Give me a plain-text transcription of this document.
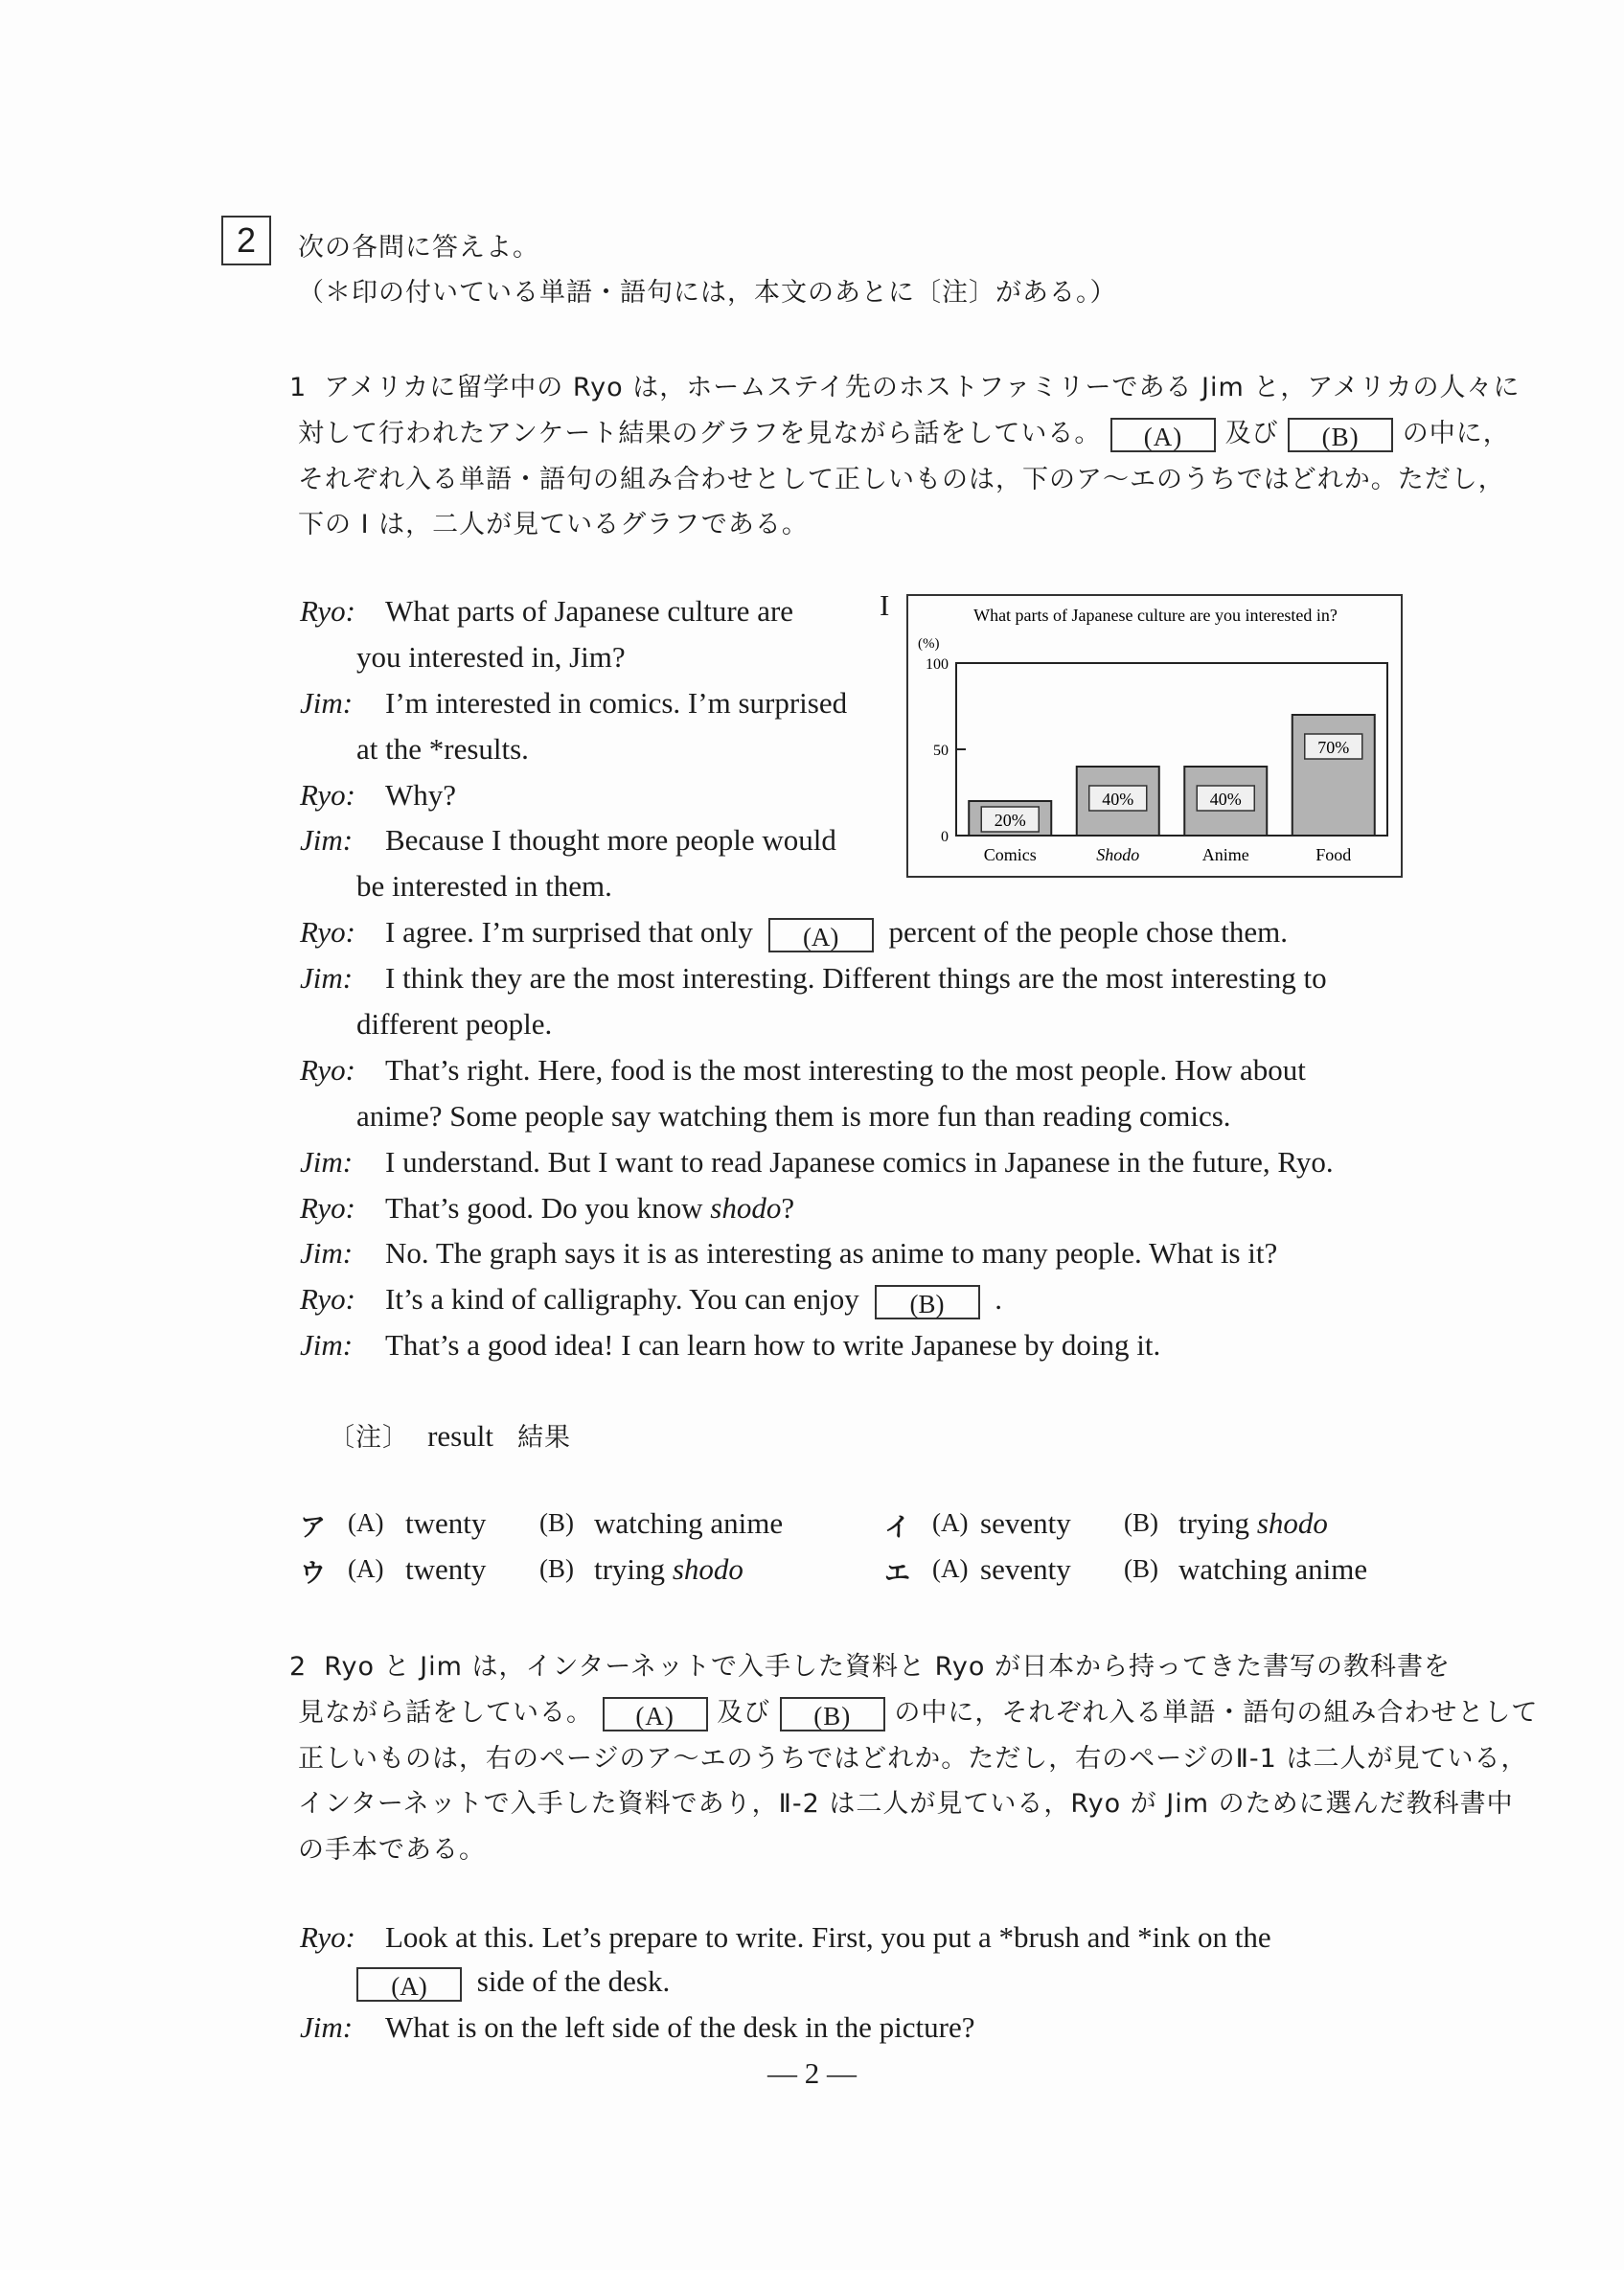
2	次の各問に答えよ。
（＊印の付いている単語・語句には，本文のあとに〔注〕がある。）
1 アメリカに留学中の Ryo は，ホームステイ先のホストファミリーである Jim と，アメリカの人々に
対して行われたアンケート結果のグラフを見ながら話をしている。 (A) 及び (B) の中に，
それぞれ入る単語・語句の組み合わせとして正しいものは，下のア～エのうちではどれか。ただし，
下の I は，二人が見ているグラフである。
I	What parts of Japanese culture are you interested in?
(%)
0
50
100
20%
Comics
40%
Shodo
40%
Anime
70%
Food
Ryo: What parts of Japanese culture are
you interested in, Jim?
Jim: I’m interested in comics. I’m surprised
at the *results.
Ryo: Why?
Jim: Because I thought more people would
be interested in them.
Ryo: I agree. I’m surprised that only (A) percent of the people chose them.
Jim: I think they are the most interesting. Different things are the most interesting to
different people.
Ryo: That’s right. Here, food is the most interesting to the most people. How about
anime? Some people say watching them is more fun than reading comics.
Jim: I understand. But I want to read Japanese comics in Japanese in the future, Ryo.
Ryo: That’s good. Do you know shodo?
Jim: No. The graph says it is as interesting as anime to many people. What is it?
Ryo: It’s a kind of calligraphy. You can enjoy (B) .
Jim: That’s a good idea! I can learn how to write Japanese by doing it.
〔注〕 result 結果
ア (A) twenty (B) watching anime	イ (A) seventy (B) trying shodo
ウ (A) twenty (B) trying shodo	エ (A) seventy (B) watching anime
2 Ryo と Jim は，インターネットで入手した資料と Ryo が日本から持ってきた書写の教科書を
見ながら話をしている。 (A) 及び (B) の中に，それぞれ入る単語・語句の組み合わせとして
正しいものは，右のページのア～エのうちではどれか。ただし，右のページのⅡ-1 は二人が見ている，
インターネットで入手した資料であり，Ⅱ-2 は二人が見ている，Ryo が Jim のために選んだ教科書中
の手本である。
Ryo: Look at this. Let’s prepare to write. First, you put a *brush and *ink on the
(A) side of the desk.
Jim: What is on the left side of the desk in the picture?
— 2 —
